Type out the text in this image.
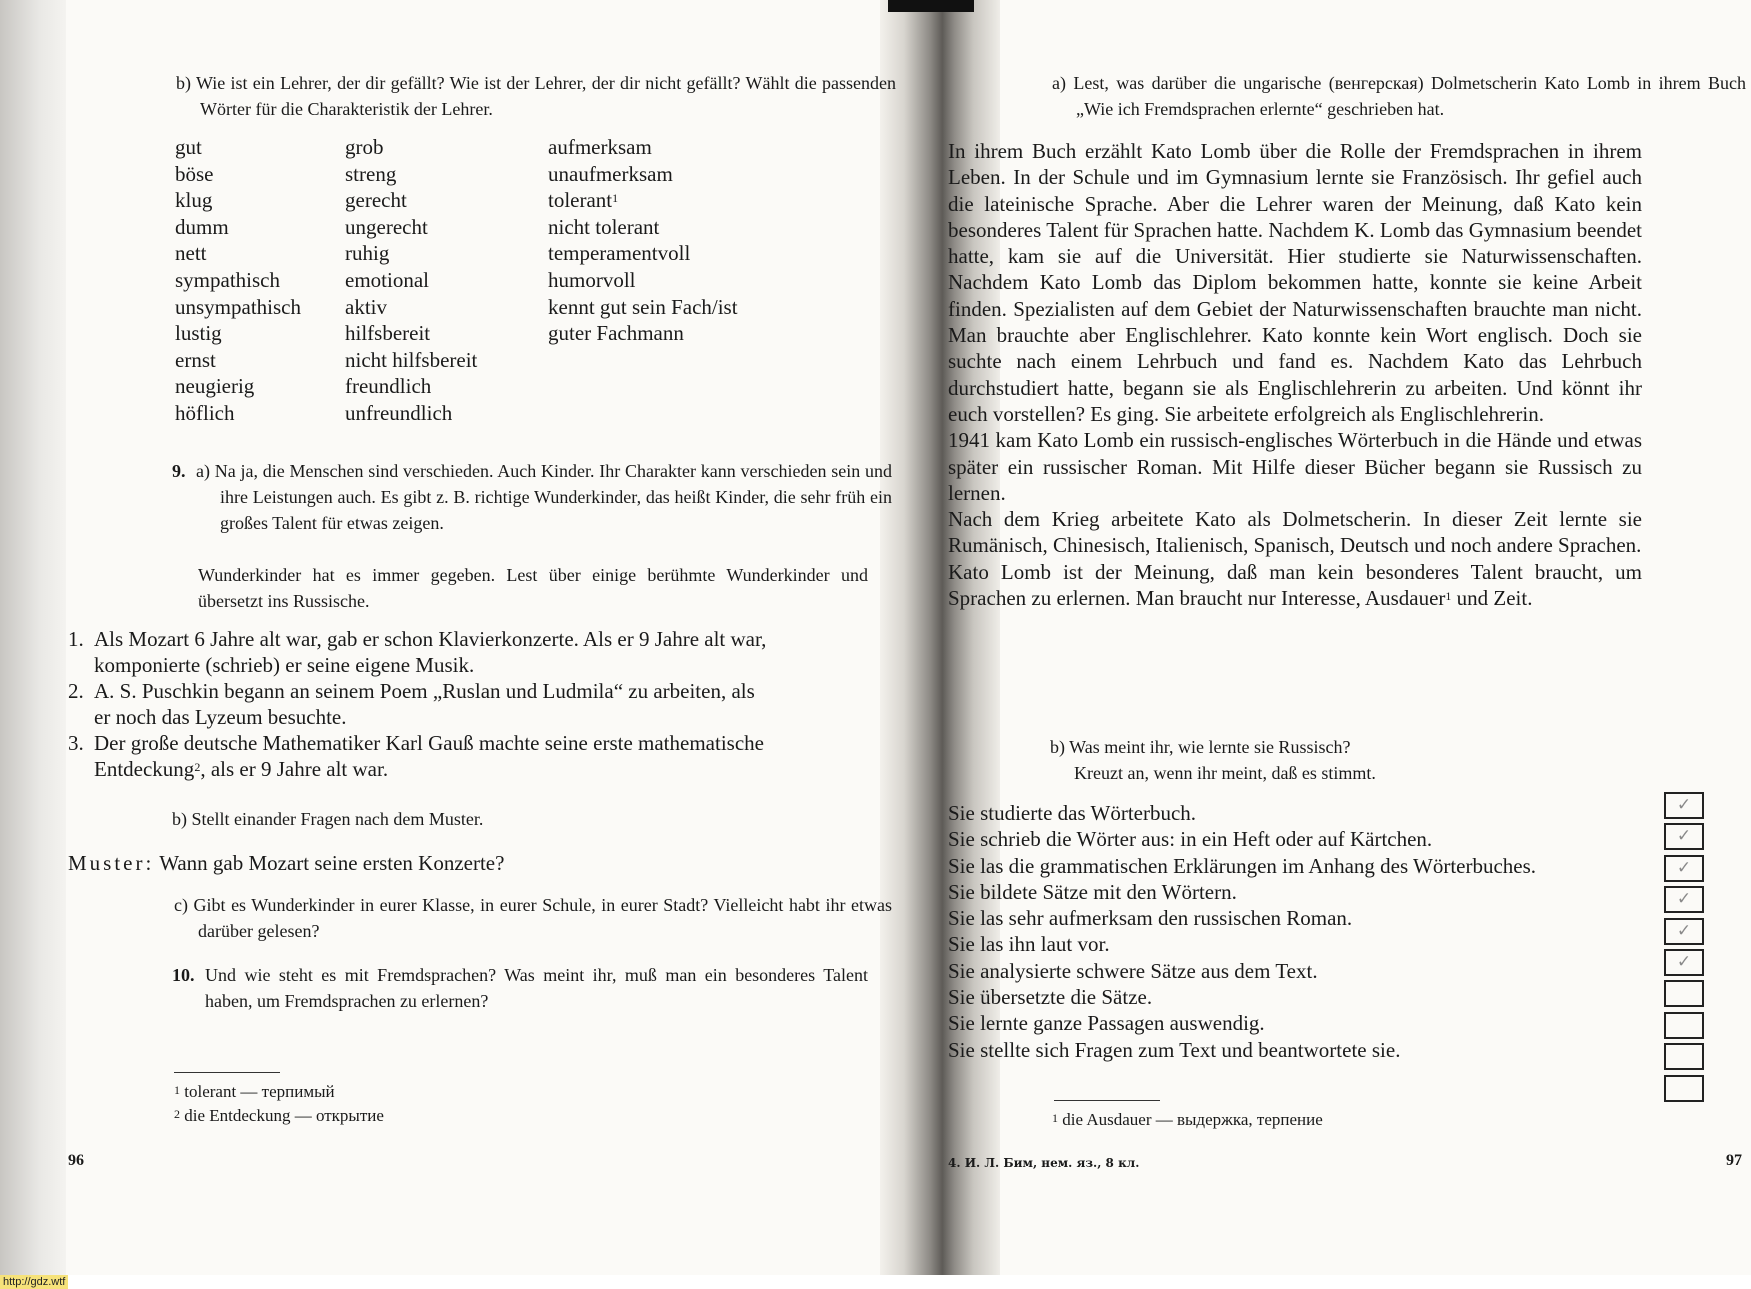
b) Wie ist ein Lehrer, der dir gefällt? Wie ist der Lehrer, der dir nicht gefällt? Wählt die passenden Wörter für die Charakteristik der Lehrer.
gut
böse
klug
dumm
nett
sympathisch
unsympathisch
lustig
ernst
neugierig
höflich
grob
streng
gerecht
ungerecht
ruhig
emotional
aktiv
hilfsbereit
nicht hilfsbereit
freundlich
unfreundlich
aufmerksam
unaufmerksam
tolerant$^1$
nicht tolerant
temperamentvoll
humorvoll
kennt gut sein Fach/ist
guter Fachmann
9. a) Na ja, die Menschen sind verschieden. Auch Kinder. Ihr Charakter kann verschieden sein und ihre Leistungen auch. Es gibt z. B. richtige Wunderkinder, das heißt Kinder, die sehr früh ein großes Talent für etwas zeigen.
Wunderkinder hat es immer gegeben. Lest über einige berühmte Wunderkinder und übersetzt ins Russische.
1. Als Mozart 6 Jahre alt war, gab er schon Klavierkonzerte. Als er 9 Jahre alt war, komponierte (schrieb) er seine eigene Musik.
2. A. S. Puschkin begann an seinem Poem „Ruslan und Ludmila“ zu arbeiten, als er noch das Lyzeum besuchte.
3. Der große deutsche Mathematiker Karl Gauß machte seine erste mathematische Entdeckung$^2$, als er 9 Jahre alt war.
b) Stellt einander Fragen nach dem Muster.
Muster: Wann gab Mozart seine ersten Konzerte?
c) Gibt es Wunderkinder in eurer Klasse, in eurer Schule, in eurer Stadt? Vielleicht habt ihr etwas darüber gelesen?
10. Und wie steht es mit Fremdsprachen? Was meint ihr, muß man ein besonderes Talent haben, um Fremdsprachen zu erlernen?
$^1$ tolerant — терпимый
$^2$ die Entdeckung — открытие
96
a) Lest, was darüber die ungarische (венгерская) Dolmetscherin Kato Lomb in ihrem Buch „Wie ich Fremdsprachen erlernte“ geschrieben hat.
In ihrem Buch erzählt Kato Lomb über die Rolle der Fremdsprachen in ihrem Leben. In der Schule und im Gymnasium lernte sie Französisch. Ihr gefiel auch die lateinische Sprache. Aber die Lehrer waren der Meinung, daß Kato kein besonderes Talent für Sprachen hatte. Nachdem K. Lomb das Gymnasium beendet hatte, kam sie auf die Universität. Hier studierte sie Naturwissenschaften. Nachdem Kato Lomb das Diplom bekommen hatte, konnte sie keine Arbeit finden. Spezialisten auf dem Gebiet der Naturwissenschaften brauchte man nicht. Man brauchte aber Englischlehrer. Kato konnte kein Wort englisch. Doch sie suchte nach einem Lehrbuch und fand es. Nachdem Kato das Lehrbuch durchstudiert hatte, begann sie als Englischlehrerin zu arbeiten. Und könnt ihr euch vorstellen? Es ging. Sie arbeitete erfolgreich als Englischlehrerin.
1941 kam Kato Lomb ein russisch-englisches Wörterbuch in die Hände und etwas später ein russischer Roman. Mit Hilfe dieser Bücher begann sie Russisch zu lernen.
Nach dem Krieg arbeitete Kato als Dolmetscherin. In dieser Zeit lernte sie Rumänisch, Chinesisch, Italienisch, Spanisch, Deutsch und noch andere Sprachen.
Kato Lomb ist der Meinung, daß man kein besonderes Talent braucht, um Sprachen zu erlernen. Man braucht nur Interesse, Ausdauer$^1$ und Zeit.
b) Was meint ihr, wie lernte sie Russisch?
Kreuzt an, wenn ihr meint, daß es stimmt.
Sie studierte das Wörterbuch.
Sie schrieb die Wörter aus: in ein Heft oder auf Kärtchen.
Sie las die grammatischen Erklärungen im Anhang des Wörterbuches.
Sie bildete Sätze mit den Wörtern.
Sie las sehr aufmerksam den russischen Roman.
Sie las ihn laut vor.
Sie analysierte schwere Sätze aus dem Text.
Sie übersetzte die Sätze.
Sie lernte ganze Passagen auswendig.
Sie stellte sich Fragen zum Text und beantwortete sie.
✓
✓
✓
✓
✓
✓
$^1$ die Ausdauer — выдержка, терпение
4. И. Л. Бим, нем. яз., 8 кл.	97
http://gdz.wtf
